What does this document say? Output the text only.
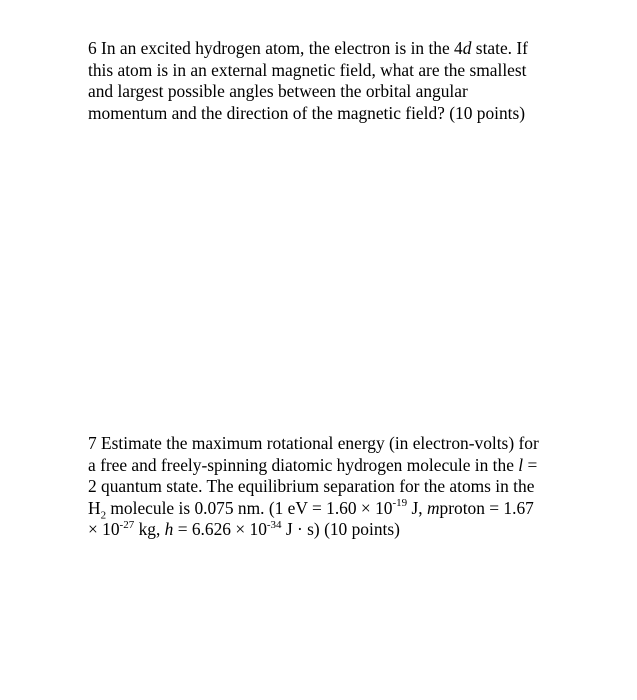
6 In an excited hydrogen atom, the electron is in the 4d state. If
this atom is in an external magnetic field, what are the smallest
and largest possible angles between the orbital angular
momentum and the direction of the magnetic field? (10 points)
7 Estimate the maximum rotational energy (in electron-volts) for
a free and freely-spinning diatomic hydrogen molecule in the l =
2 quantum state. The equilibrium separation for the atoms in the
$H_2$ molecule is 0.075 nm. (1 eV = $1.60 \times 10^{-19}$ J, mproton = 1.67
× $10^{-27}$ kg, $h = 6.626 \times 10^{-34}$ J · s) (10 points)
